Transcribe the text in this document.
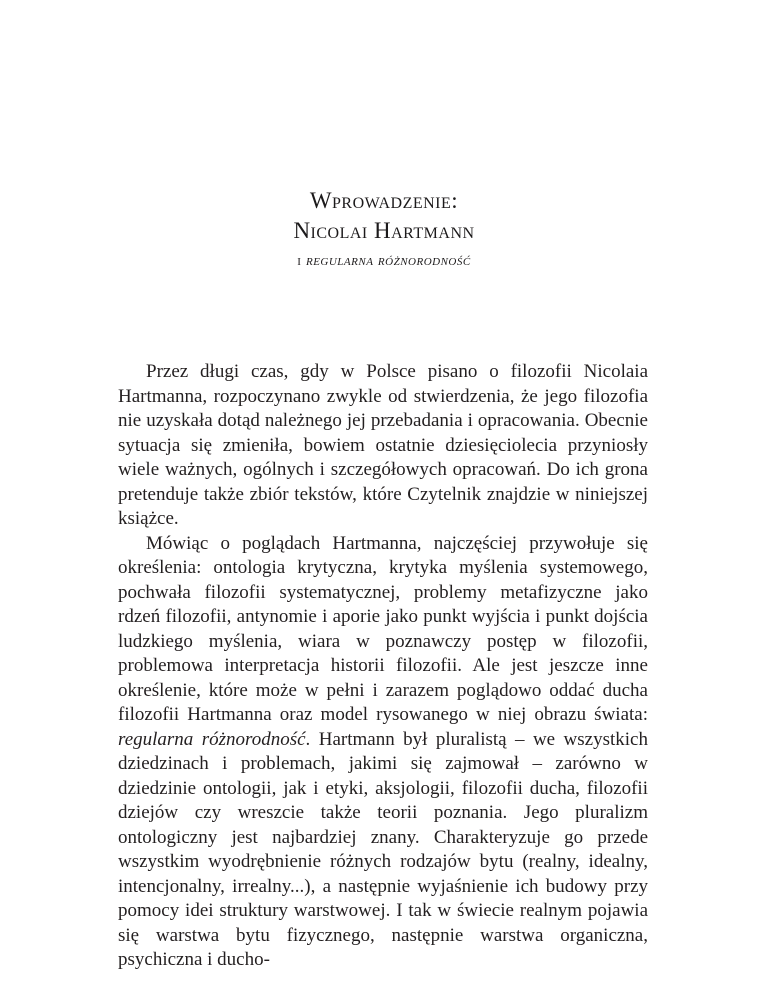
Wprowadzenie:
Nicolai Hartmann
i regularna różnorodność

Przez długi czas, gdy w Polsce pisano o filozofii Nicolaia Hartmanna, rozpoczynano zwykle od stwierdzenia, że jego filozofia nie uzyskała dotąd należnego jej przebadania i opracowania. Obecnie sytuacja się zmieniła, bowiem ostatnie dziesięciolecia przyniosły wiele ważnych, ogólnych i szczegółowych opracowań. Do ich grona pretenduje także zbiór tekstów, które Czytelnik znajdzie w niniejszej książce.

Mówiąc o poglądach Hartmanna, najczęściej przywołuje się określenia: ontologia krytyczna, krytyka myślenia systemowego, pochwała filozofii systematycznej, problemy metafizyczne jako rdzeń filozofii, antynomie i aporie jako punkt wyjścia i punkt dojścia ludzkiego myślenia, wiara w poznawczy postęp w filozofii, problemowa interpretacja historii filozofii. Ale jest jeszcze inne określenie, które może w pełni i zarazem poglądowo oddać ducha filozofii Hartmanna oraz model rysowanego w niej obrazu świata: regularna różnorodność. Hartmann był pluralistą – we wszystkich dziedzinach i problemach, jakimi się zajmował – zarówno w dziedzinie ontologii, jak i etyki, aksjologii, filozofii ducha, filozofii dziejów czy wreszcie także teorii poznania. Jego pluralizm ontologiczny jest najbardziej znany. Charakteryzuje go przede wszystkim wyodrębnienie różnych rodzajów bytu (realny, idealny, intencjonalny, irrealny...), a następnie wyjaśnienie ich budowy przy pomocy idei struktury warstwowej. I tak w świecie realnym pojawia się warstwa bytu fizycznego, następnie warstwa organiczna, psychiczna i ducho-
